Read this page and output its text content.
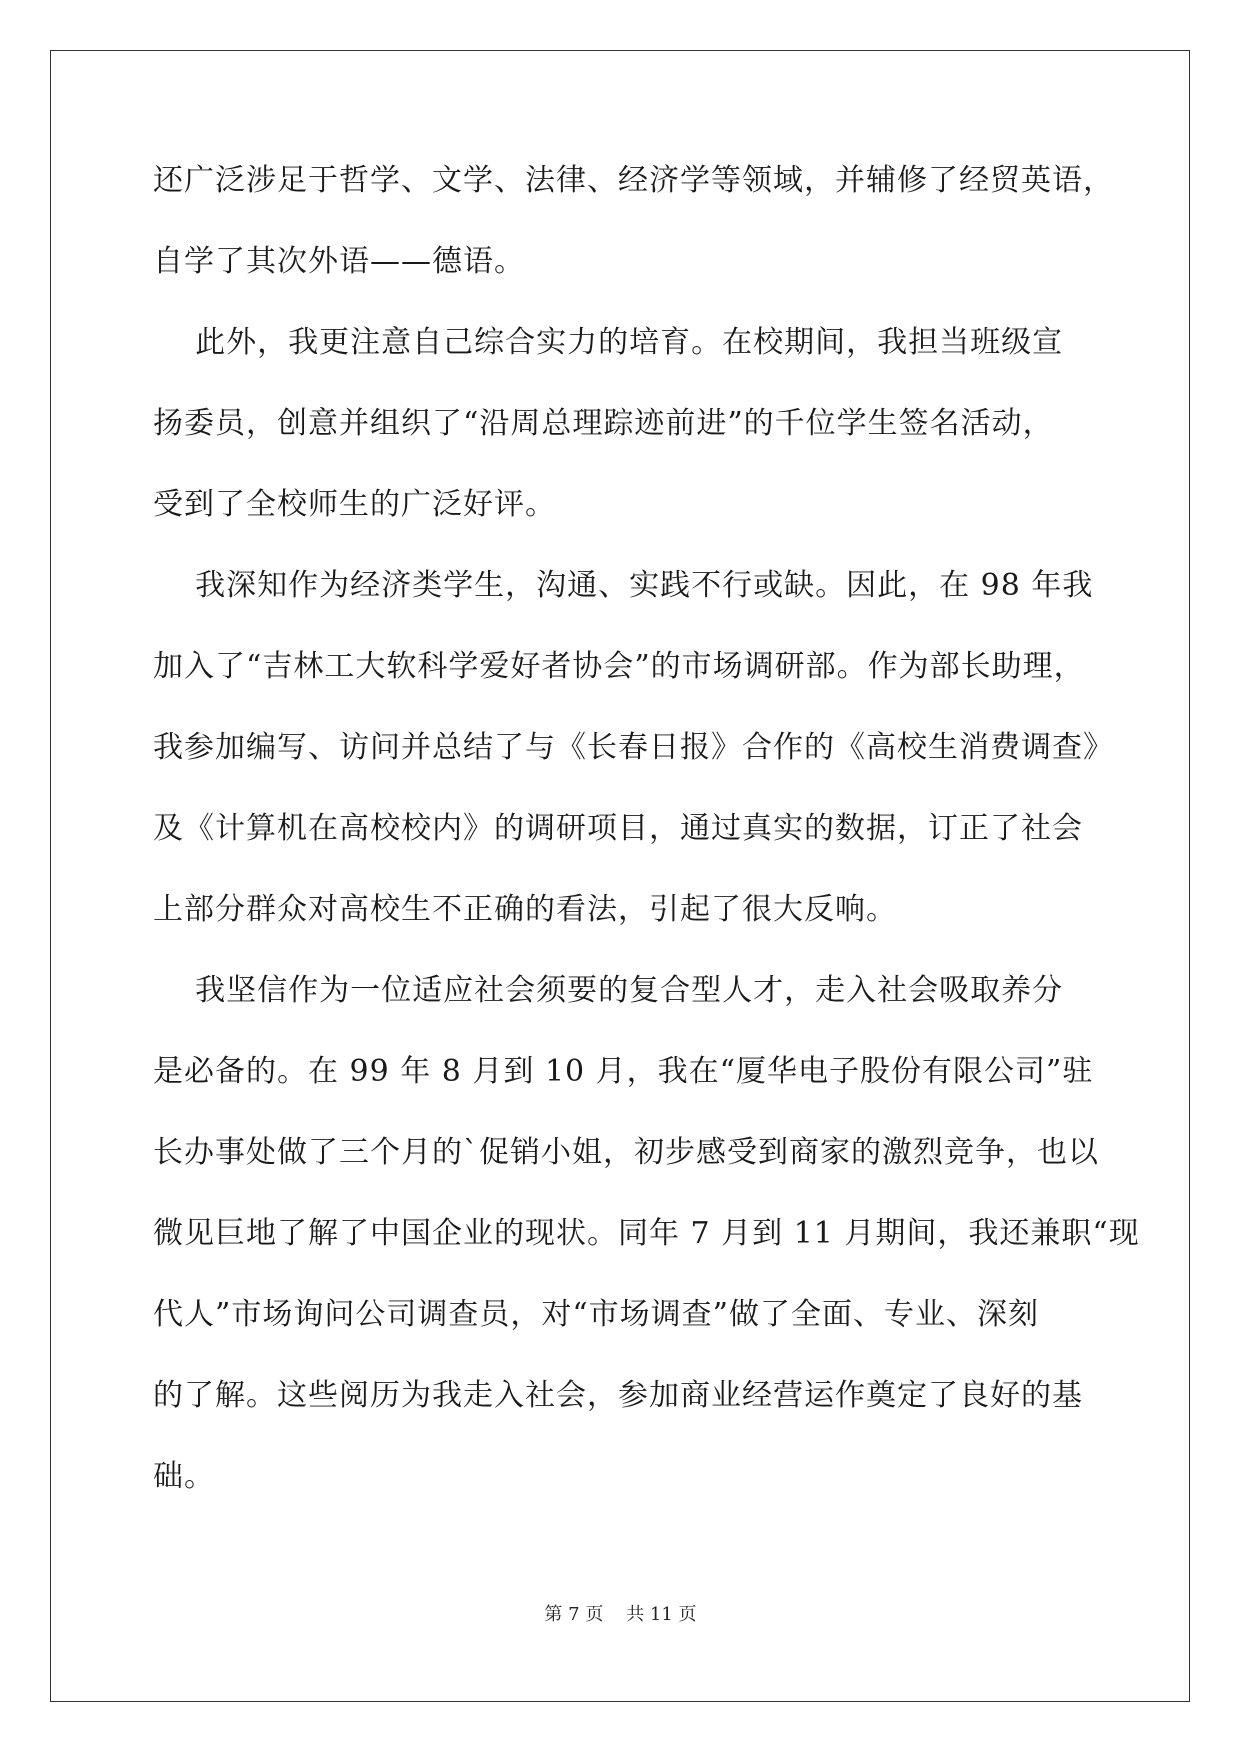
还广泛涉足于哲学、文学、法律、经济学等领域，并辅修了经贸英语，
自学了其次外语——德语。
此外，我更注意自己综合实力的培育。在校期间，我担当班级宣
扬委员，创意并组织了“沿周总理踪迹前进”的千位学生签名活动，
受到了全校师生的广泛好评。
我深知作为经济类学生，沟通、实践不行或缺。因此，在 98 年我
加入了“吉林工大软科学爱好者协会”的市场调研部。作为部长助理，
我参加编写、访问并总结了与《长春日报》合作的《高校生消费调查》
及《计算机在高校校内》的调研项目，通过真实的数据，订正了社会
上部分群众对高校生不正确的看法，引起了很大反响。
我坚信作为一位适应社会须要的复合型人才，走入社会吸取养分
是必备的。在 99 年 8 月到 10 月，我在“厦华电子股份有限公司”驻
长办事处做了三个月的`促销小姐，初步感受到商家的激烈竞争，也以
微见巨地了解了中国企业的现状。同年 7 月到 11 月期间，我还兼职“现
代人”市场询问公司调查员，对“市场调查”做了全面、专业、深刻
的了解。这些阅历为我走入社会，参加商业经营运作奠定了良好的基
础。
第 7 页    共 11 页
